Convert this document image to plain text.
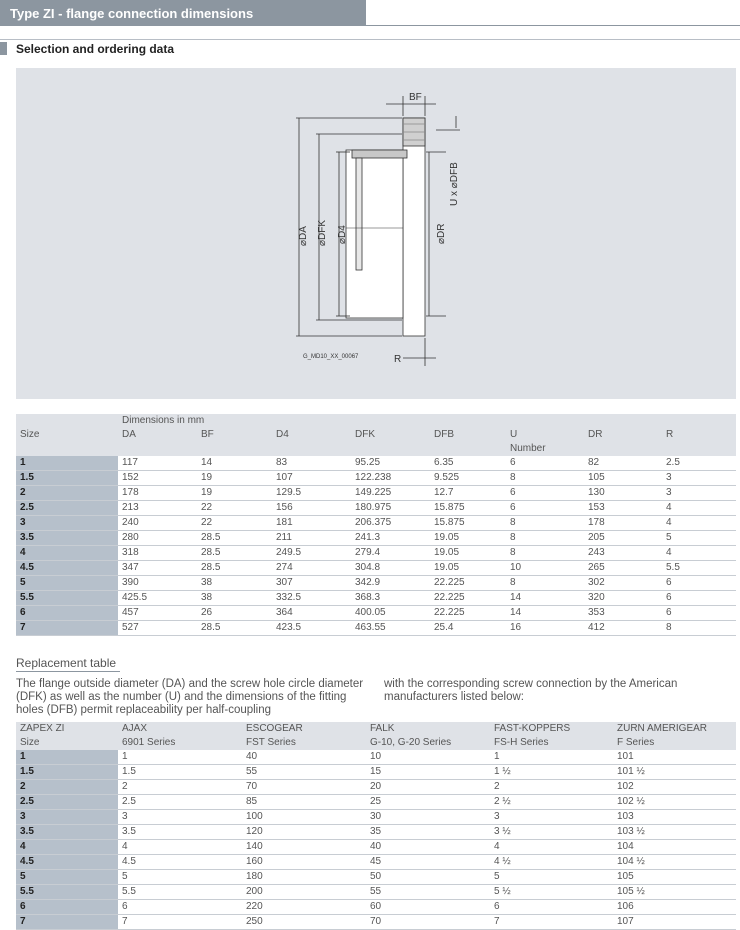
Type ZI - flange connection dimensions
Selection and ordering data
BF
R
G_MD10_XX_00067
⌀DA ⌀DFK ⌀D4	⌀DR
U x ⌀DFB
	Dimensions in mm							
Size	DA	BF	D4	DFK	DFB	U	DR	R
						Number		
1	117	14	83	95.25	6.35	6	82	2.5
1.5	152	19	107	122.238	9.525	8	105	3
2	178	19	129.5	149.225	12.7	6	130	3
2.5	213	22	156	180.975	15.875	6	153	4
3	240	22	181	206.375	15.875	8	178	4
3.5	280	28.5	211	241.3	19.05	8	205	5
4	318	28.5	249.5	279.4	19.05	8	243	4
4.5	347	28.5	274	304.8	19.05	10	265	5.5
5	390	38	307	342.9	22.225	8	302	6
5.5	425.5	38	332.5	368.3	22.225	14	320	6
6	457	26	364	400.05	22.225	14	353	6
7	527	28.5	423.5	463.55	25.4	16	412	8
Replacement table
The flange outside diameter (DA) and the screw hole circle diameter (DFK) as well as the number (U) and the dimensions of the fitting holes (DFB) permit replaceability per half-coupling
with the corresponding screw connection by the American manufacturers listed below:
ZAPEX ZI	AJAX	ESCOGEAR	FALK	FAST-KOPPERS	ZURN AMERIGEAR
Size	6901 Series	FST Series	G-10, G-20 Series	FS-H Series	F Series
1	1	40	10	1	101
1.5	1.5	55	15	1 ½	101 ½
2	2	70	20	2	102
2.5	2.5	85	25	2 ½	102 ½
3	3	100	30	3	103
3.5	3.5	120	35	3 ½	103 ½
4	4	140	40	4	104
4.5	4.5	160	45	4 ½	104 ½
5	5	180	50	5	105
5.5	5.5	200	55	5 ½	105 ½
6	6	220	60	6	106
7	7	250	70	7	107
